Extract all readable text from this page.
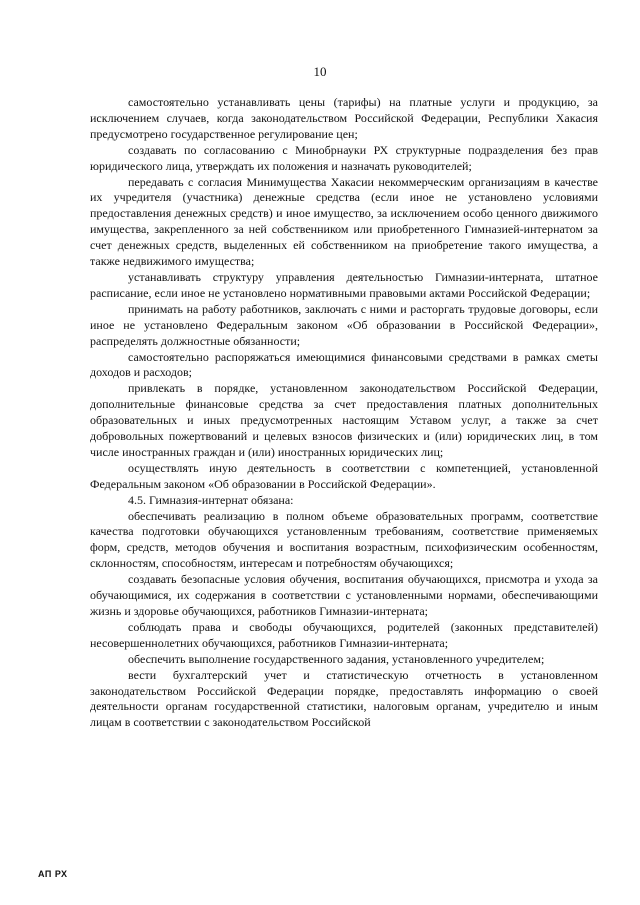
10

самостоятельно устанавливать цены (тарифы) на платные услуги и продукцию, за исключением случаев, когда законодательством Российской Федерации, Республики Хакасия предусмотрено государственное регулирование цен;

создавать по согласованию с Минобрнауки РХ структурные подразделения без прав юридического лица, утверждать их положения и назначать руководителей;

передавать с согласия Минимущества Хакасии некоммерческим организациям в качестве их учредителя (участника) денежные средства (если иное не установлено условиями предоставления денежных средств) и иное имущество, за исключением особо ценного движимого имущества, закрепленного за ней собственником или приобретенного Гимназией-интернатом за счет денежных средств, выделенных ей собственником на приобретение такого имущества, а также недвижимого имущества;

устанавливать структуру управления деятельностью Гимназии-интерната, штатное расписание, если иное не установлено нормативными правовыми актами Российской Федерации;

принимать на работу работников, заключать с ними и расторгать трудовые договоры, если иное не установлено Федеральным законом «Об образовании в Российской Федерации», распределять должностные обязанности;

самостоятельно распоряжаться имеющимися финансовыми средствами в рамках сметы доходов и расходов;

привлекать в порядке, установленном законодательством Российской Федерации, дополнительные финансовые средства за счет предоставления платных дополнительных образовательных и иных предусмотренных настоящим Уставом услуг, а также за счет добровольных пожертвований и целевых взносов физических и (или) юридических лиц, в том числе иностранных граждан и (или) иностранных юридических лиц;

осуществлять иную деятельность в соответствии с компетенцией, установленной Федеральным законом «Об образовании в Российской Федерации».

4.5. Гимназия-интернат обязана:

обеспечивать реализацию в полном объеме образовательных программ, соответствие качества подготовки обучающихся установленным требованиям, соответствие применяемых форм, средств, методов обучения и воспитания возрастным, психофизическим особенностям, склонностям, способностям, интересам и потребностям обучающихся;

создавать безопасные условия обучения, воспитания обучающихся, присмотра и ухода за обучающимися, их содержания в соответствии с установленными нормами, обеспечивающими жизнь и здоровье обучающихся, работников Гимназии-интерната;

соблюдать права и свободы обучающихся, родителей (законных представителей) несовершеннолетних обучающихся, работников Гимназии-интерната;

обеспечить выполнение государственного задания, установленного учредителем;

вести бухгалтерский учет и статистическую отчетность в установленном законодательством Российской Федерации порядке, предоставлять информацию о своей деятельности органам государственной статистики, налоговым органам, учредителю и иным лицам в соответствии с законодательством Российской

АП РХ
